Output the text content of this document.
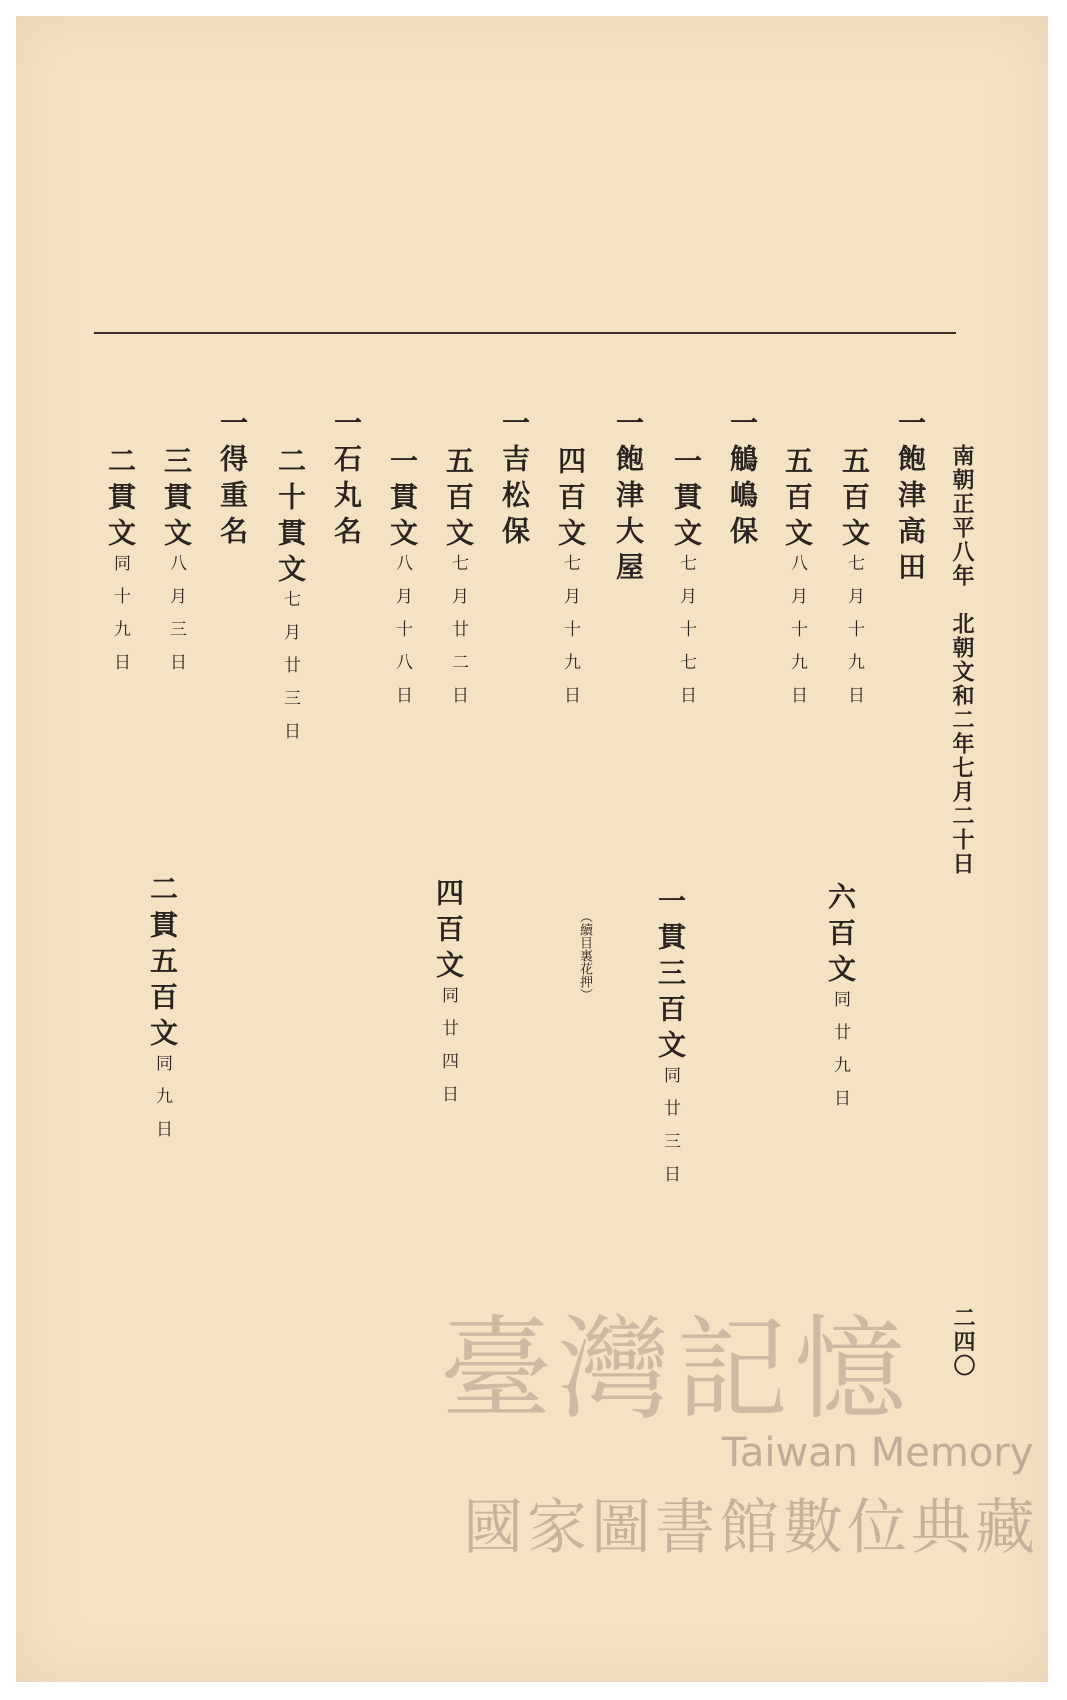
南朝正平八年　北朝文和二年七月二十日
一飽津高田
五百文七月十九日
五百文八月十九日
一鵤嶋保
一貫文七月十七日
一飽津大屋
四百文七月十九日
一吉松保
五百文七月廿二日
一貫文八月十八日
一石丸名
二十貫文七月廿三日
一得重名
三貫文八月三日
二貫文同十九日
六百文同廿九日
一貫三百文同廿三日
（續目裏花押）
四百文同廿四日
二貫五百文同九日
二四〇
臺灣記憶
Taiwan Memory
國家圖書館數位典藏
